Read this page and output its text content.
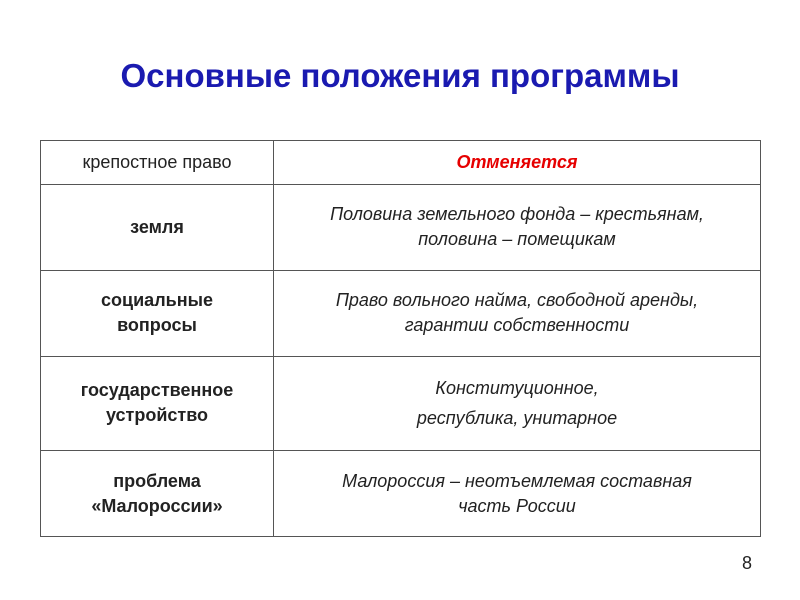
Основные положения программы
крепостное право	Отменяется

земля	Половина земельного фонда – крестьянам,
половина – помещикам

социальные
вопросы	Право вольного найма, свободной аренды,
гарантии собственности

государственное
устройство	Конституционное,
республика, унитарное

проблема
«Малороссии»	Малороссия – неотъемлемая составная
часть России
8
